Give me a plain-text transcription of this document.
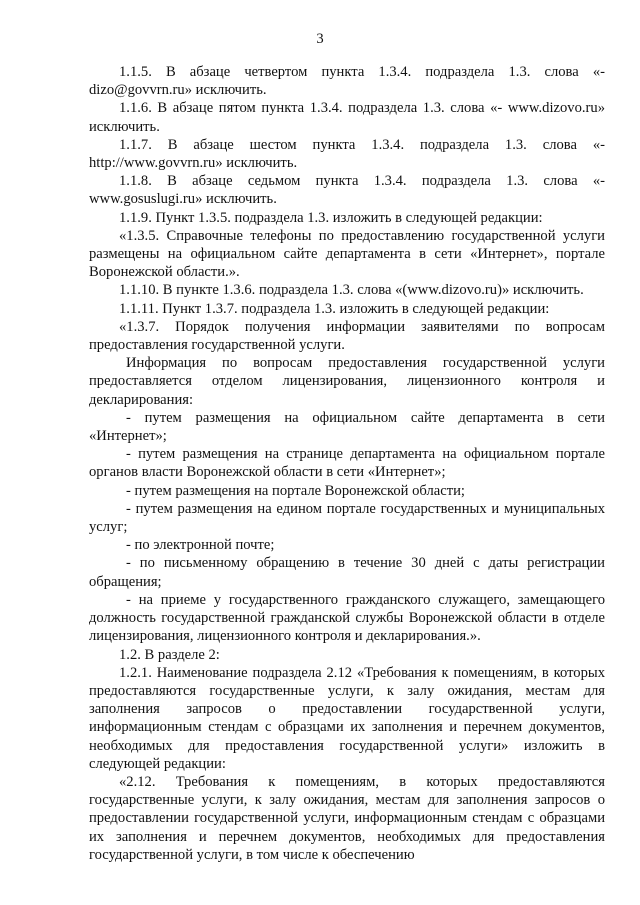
3

1.1.5. В абзаце четвертом пункта 1.3.4. подраздела 1.3. слова «- dizo@govvrn.ru» исключить.

1.1.6. В абзаце пятом пункта 1.3.4. подраздела 1.3. слова «- www.dizovo.ru» исключить.

1.1.7. В абзаце шестом пункта 1.3.4. подраздела 1.3. слова «- http://www.govvrn.ru» исключить.

1.1.8. В абзаце седьмом пункта 1.3.4. подраздела 1.3. слова «- www.gosuslugi.ru» исключить.

1.1.9. Пункт 1.3.5. подраздела 1.3. изложить в следующей редакции:

«1.3.5. Справочные телефоны по предоставлению государственной услуги размещены на официальном сайте департамента в сети «Интернет», портале Воронежской области.».

1.1.10. В пункте 1.3.6. подраздела 1.3. слова «(www.dizovo.ru)» исключить.

1.1.11. Пункт 1.3.7. подраздела 1.3. изложить в следующей редакции:

«1.3.7. Порядок получения информации заявителями по вопросам предоставления государственной услуги.

Информация по вопросам предоставления государственной услуги предоставляется отделом лицензирования, лицензионного контроля и декларирования:

- путем размещения на официальном сайте департамента в сети «Интернет»;

- путем размещения на странице департамента на официальном портале органов власти Воронежской области в сети «Интернет»;

- путем размещения на портале Воронежской области;

- путем размещения на едином портале государственных и муниципальных услуг;

- по электронной почте;

- по письменному обращению в течение 30 дней с даты регистрации обращения;

- на приеме у государственного гражданского служащего, замещающего должность государственной гражданской службы Воронежской области в отделе лицензирования, лицензионного контроля и декларирования.».

1.2. В разделе 2:

1.2.1. Наименование подраздела 2.12 «Требования к помещениям, в которых предоставляются государственные услуги, к залу ожидания, местам для заполнения запросов о предоставлении государственной услуги, информационным стендам с образцами их заполнения и перечнем документов, необходимых для предоставления государственной услуги» изложить в следующей редакции:

«2.12. Требования к помещениям, в которых предоставляются государственные услуги, к залу ожидания, местам для заполнения запросов о предоставлении государственной услуги, информационным стендам с образцами их заполнения и перечнем документов, необходимых для предоставления государственной услуги, в том числе к обеспечению
